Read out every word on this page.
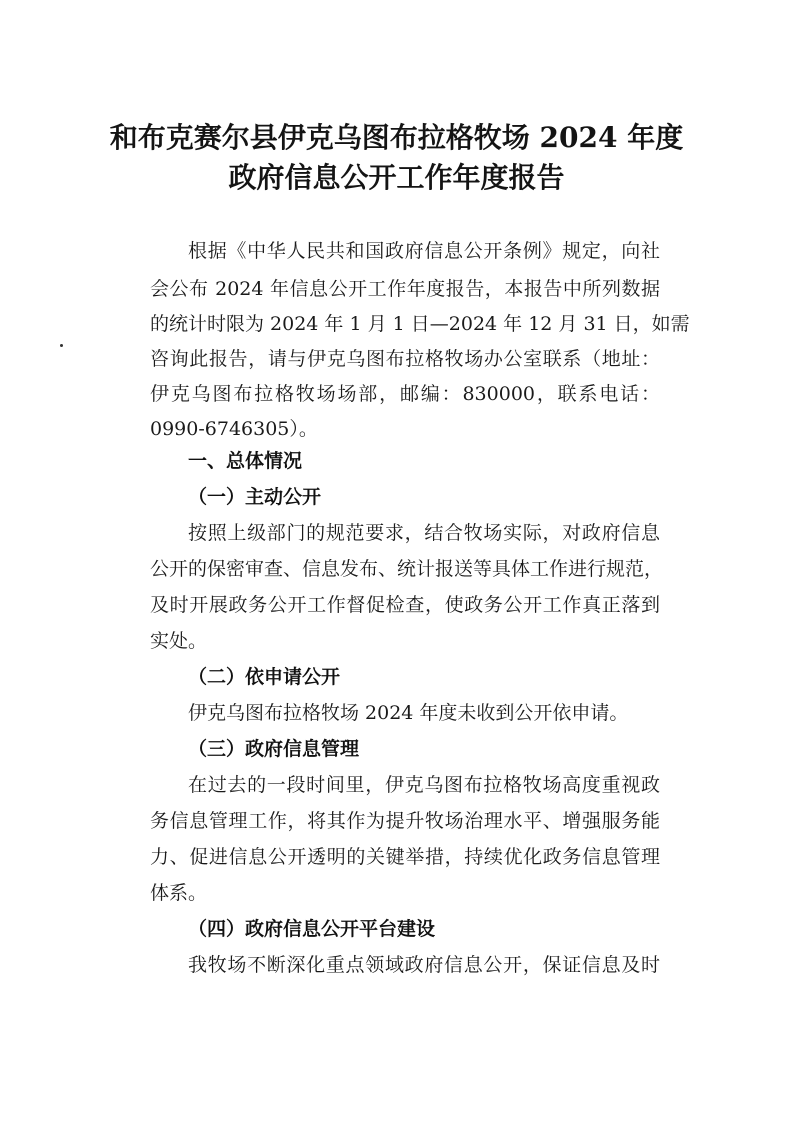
和布克赛尔县伊克乌图布拉格牧场 2024 年度
政府信息公开工作年度报告
根据《中华人民共和国政府信息公开条例》规定，向社
会公布 2024 年信息公开工作年度报告，本报告中所列数据
的统计时限为 2024 年 1 月 1 日—2024 年 12 月 31 日，如需
咨询此报告，请与伊克乌图布拉格牧场办公室联系（地址：
伊克乌图布拉格牧场场部，邮编：830000，联系电话：
0990-6746305）。
一、总体情况
（一）主动公开
按照上级部门的规范要求，结合牧场实际，对政府信息
公开的保密审查、信息发布、统计报送等具体工作进行规范，
及时开展政务公开工作督促检查，使政务公开工作真正落到
实处。
（二）依申请公开
伊克乌图布拉格牧场 2024 年度未收到公开依申请。
（三）政府信息管理
在过去的一段时间里，伊克乌图布拉格牧场高度重视政
务信息管理工作，将其作为提升牧场治理水平、增强服务能
力、促进信息公开透明的关键举措，持续优化政务信息管理
体系。
（四）政府信息公开平台建设
我牧场不断深化重点领域政府信息公开，保证信息及时
